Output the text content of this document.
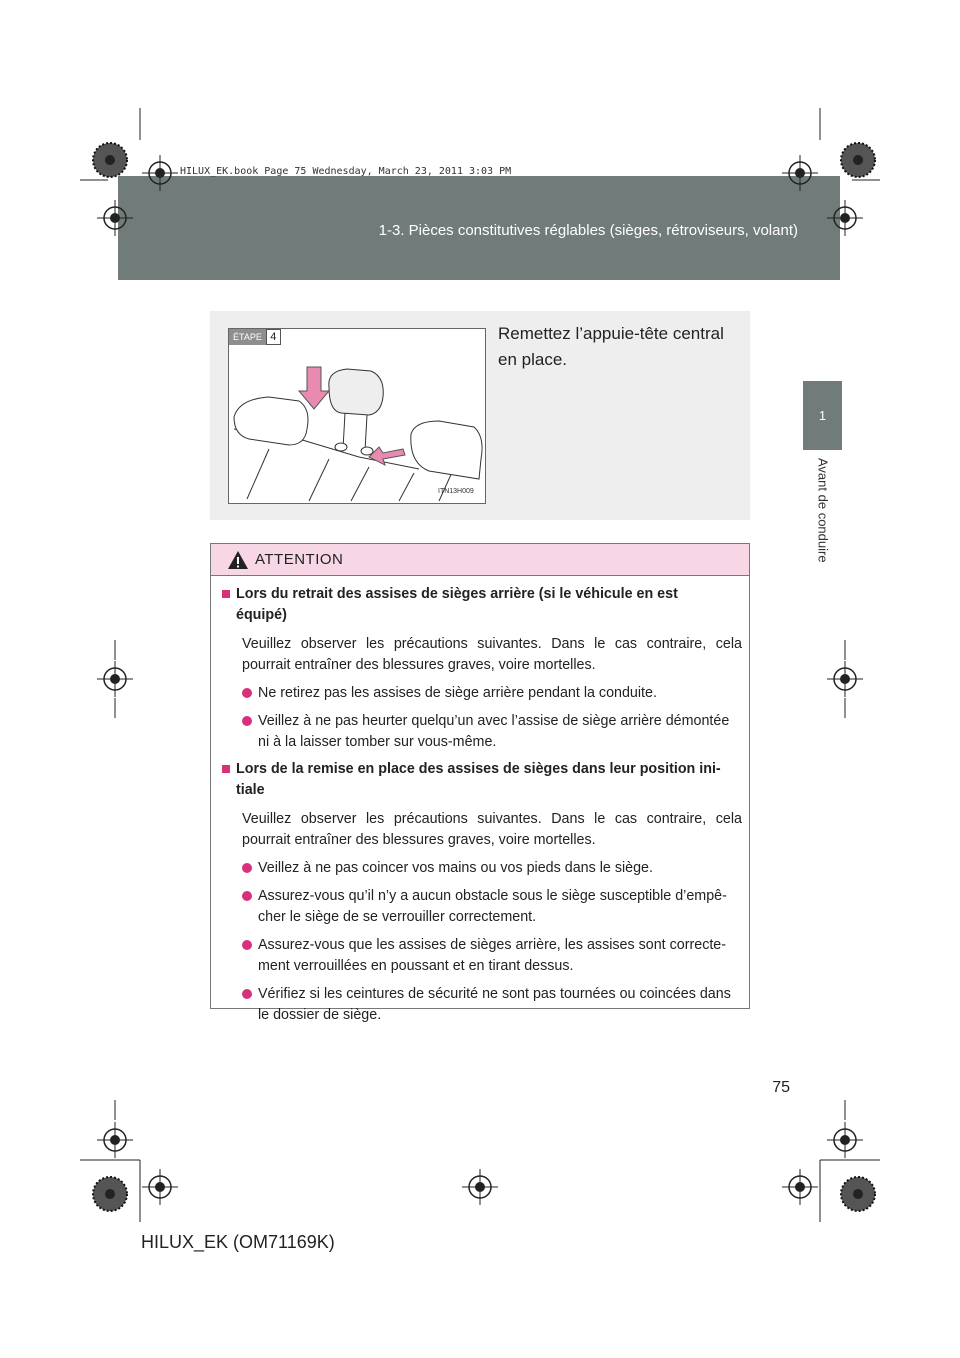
1-3. Pièces constitutives réglables (sièges, rétroviseurs, volant)
HILUX_EK.book Page 75 Wednesday, March 23, 2011 3:03 PM
1
Avant de conduire
ÉTAPE 4
ITN13H009
Remettez l’appuie-tête central en place.
ATTENTION
Lors du retrait des assises de sièges arrière (si le véhicule en est
équipé)
Veuillez observer les précautions suivantes. Dans le cas contraire, cela pourrait entraîner des blessures graves, voire mortelles.
Ne retirez pas les assises de siège arrière pendant la conduite.
Veillez à ne pas heurter quelqu’un avec l’assise de siège arrière démontée ni à la laisser tomber sur vous-même.
Lors de la remise en place des assises de sièges dans leur position ini-
tiale
Veuillez observer les précautions suivantes. Dans le cas contraire, cela pourrait entraîner des blessures graves, voire mortelles.
Veillez à ne pas coincer vos mains ou vos pieds dans le siège.
Assurez-vous qu’il n’y a aucun obstacle sous le siège susceptible d’empê- cher le siège de se verrouiller correctement.
Assurez-vous que les assises de sièges arrière, les assises sont correcte- ment verrouillées en poussant et en tirant dessus.
Vérifiez si les ceintures de sécurité ne sont pas tournées ou coincées dans le dossier de siège.
75
HILUX_EK (OM71169K)
